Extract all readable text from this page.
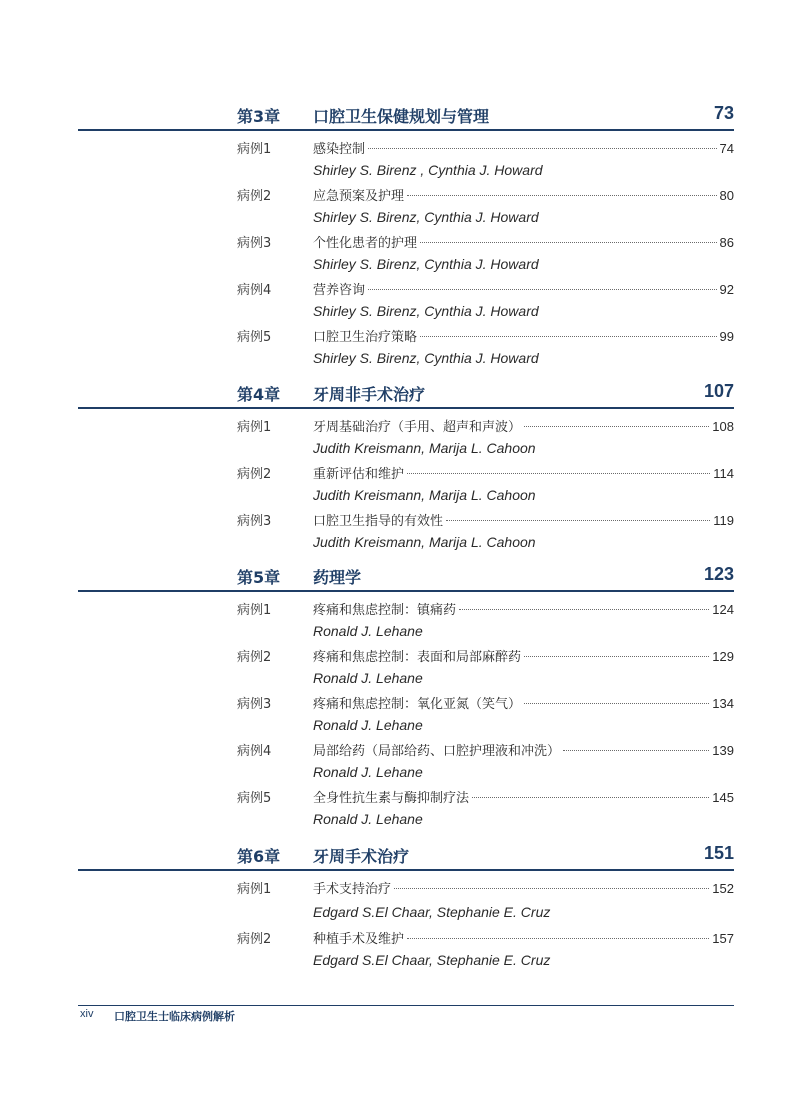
第3章 口腔卫生保健规划与管理	73
病例1	感染控制	74
Shirley S. Birenz , Cynthia J. Howard
病例2	应急预案及护理	80
Shirley S. Birenz, Cynthia J. Howard
病例3	个性化患者的护理	86
Shirley S. Birenz, Cynthia J. Howard
病例4	营养咨询	92
Shirley S. Birenz, Cynthia J. Howard
病例5	口腔卫生治疗策略	99
Shirley S. Birenz, Cynthia J. Howard
第4章 牙周非手术治疗	107
病例1	牙周基础治疗（手用、超声和声波）	108
Judith Kreismann, Marija L. Cahoon
病例2	重新评估和维护	114
Judith Kreismann, Marija L. Cahoon
病例3	口腔卫生指导的有效性	119
Judith Kreismann, Marija L. Cahoon
第5章 药理学	123
病例1	疼痛和焦虑控制：镇痛药	124
Ronald J. Lehane
病例2	疼痛和焦虑控制：表面和局部麻醉药	129
Ronald J. Lehane
病例3	疼痛和焦虑控制：氧化亚氮（笑气）	134
Ronald J. Lehane
病例4	局部给药（局部给药、口腔护理液和冲洗）	139
Ronald J. Lehane
病例5	全身性抗生素与酶抑制疗法	145
Ronald J. Lehane
第6章 牙周手术治疗	151
病例1	手术支持治疗	152
Edgard S.El Chaar, Stephanie E. Cruz
病例2	种植手术及维护	157
Edgard S.El Chaar, Stephanie E. Cruz
xiv 口腔卫生士临床病例解析
